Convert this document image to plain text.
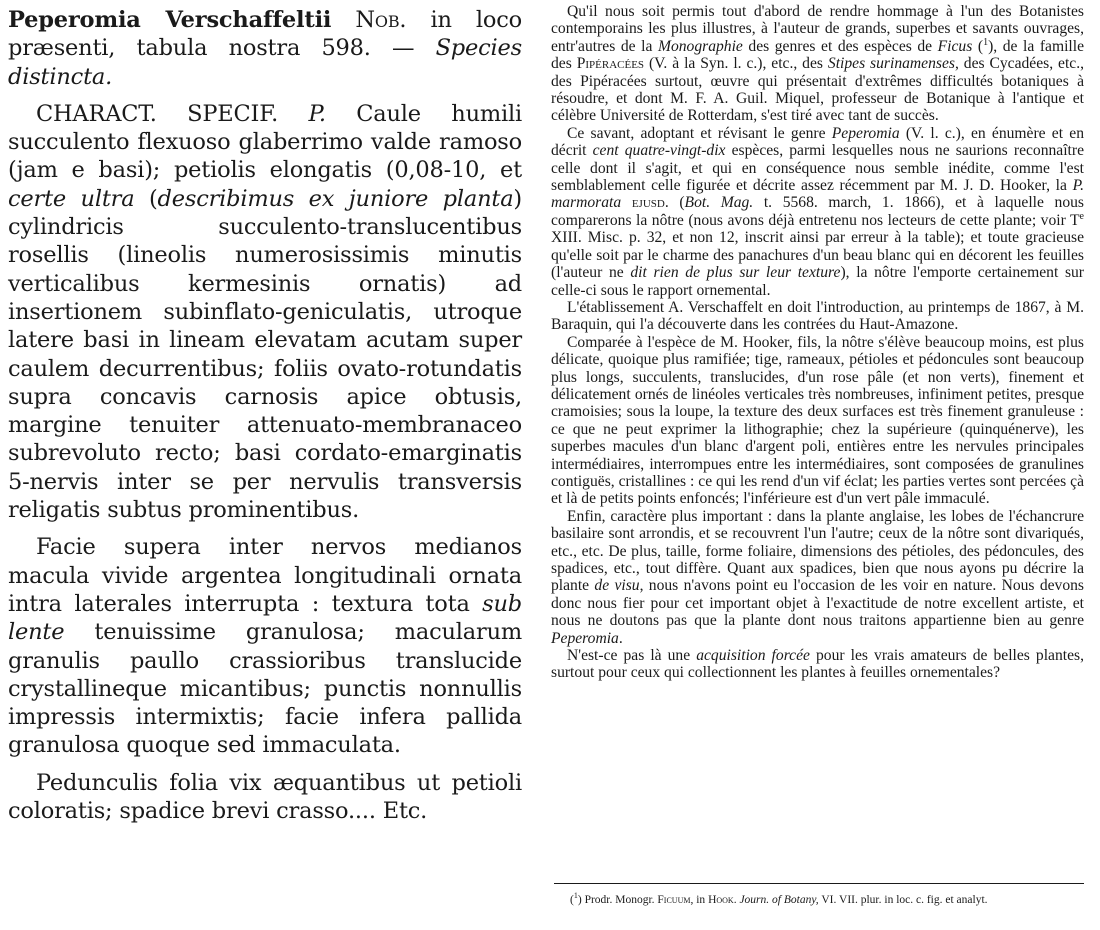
Peperomia Verschaffeltii Nob. in loco præsenti, tabula nostra 598. — Species distincta.

CHARACT. SPECIF. P. Caule humili succulento flexuoso glaberrimo valde ramoso (jam e basi); petiolis elongatis (0,08-10, et certe ultra (describimus ex juniore planta) cylindricis succulento-translucentibus rosellis (lineolis numerosissimis minutis verticalibus kermesinis ornatis) ad insertionem subinflato-geniculatis, utroque latere basi in lineam elevatam acutam super caulem decurrentibus; foliis ovato-rotundatis supra concavis carnosis apice obtusis, margine tenuiter attenuato-membranaceo subrevoluto recto; basi cordato-emarginatis 5-nervis inter se per nervulis transversis religatis subtus prominentibus.

Facie supera inter nervos medianos macula vivide argentea longitudinali ornata intra laterales interrupta : textura tota sub lente tenuissime granulosa; macularum granulis paullo crassioribus translucide crystallineque micantibus; punctis nonnullis impressis intermixtis; facie infera pallida granulosa quoque sed immaculata.

Pedunculis folia vix æquantibus ut petioli coloratis; spadice brevi crasso.... Etc.

Qu'il nous soit permis tout d'abord de rendre hommage à l'un des Botanistes contemporains les plus illustres, à l'auteur de grands, superbes et savants ouvrages, entr'autres de la Monographie des genres et des espèces de Ficus ($^1$), de la famille des Pipéracées (V. à la Syn. l. c.), etc., des Stipes surinamenses, des Cycadées, etc., des Pipéracées surtout, œuvre qui présentait d'extrêmes difficultés botaniques à résoudre, et dont M. F. A. Guil. Miquel, professeur de Botanique à l'antique et célèbre Université de Rotterdam, s'est tiré avec tant de succès.

Ce savant, adoptant et révisant le genre Peperomia (V. l. c.), en énumère et en décrit cent quatre-vingt-dix espèces, parmi lesquelles nous ne saurions reconnaître celle dont il s'agit, et qui en conséquence nous semble inédite, comme l'est semblablement celle figurée et décrite assez récemment par M. J. D. Hooker, la P. marmorata ejusd. (Bot. Mag. t. 5568. march, 1. 1866), et à laquelle nous comparerons la nôtre (nous avons déjà entretenu nos lecteurs de cette plante; voir $T^e$ XIII. Misc. p. 32, et non 12, inscrit ainsi par erreur à la table); et toute gracieuse qu'elle soit par le charme des panachures d'un beau blanc qui en décorent les feuilles (l'auteur ne dit rien de plus sur leur texture), la nôtre l'emporte certainement sur celle-ci sous le rapport ornemental.

L'établissement A. Verschaffelt en doit l'introduction, au printemps de 1867, à M. Baraquin, qui l'a découverte dans les contrées du Haut-Amazone.

Comparée à l'espèce de M. Hooker, fils, la nôtre s'élève beaucoup moins, est plus délicate, quoique plus ramifiée; tige, rameaux, pétioles et pédoncules sont beaucoup plus longs, succulents, translucides, d'un rose pâle (et non verts), finement et délicatement ornés de linéoles verticales très nombreuses, infiniment petites, presque cramoisies; sous la loupe, la texture des deux surfaces est très finement granuleuse : ce que ne peut exprimer la lithographie; chez la supérieure (quinquénerve), les superbes macules d'un blanc d'argent poli, entières entre les nervules principales intermédiaires, interrompues entre les intermédiaires, sont composées de granulines contiguës, cristallines : ce qui les rend d'un vif éclat; les parties vertes sont percées çà et là de petits points enfoncés; l'inférieure est d'un vert pâle immaculé.

Enfin, caractère plus important : dans la plante anglaise, les lobes de l'échancrure basilaire sont arrondis, et se recouvrent l'un l'autre; ceux de la nôtre sont divariqués, etc., etc. De plus, taille, forme foliaire, dimensions des pétioles, des pédoncules, des spadices, etc., tout diffère. Quant aux spadices, bien que nous ayons pu décrire la plante de visu, nous n'avons point eu l'occasion de les voir en nature. Nous devons donc nous fier pour cet important objet à l'exactitude de notre excellent artiste, et nous ne doutons pas que la plante dont nous traitons appartienne bien au genre Peperomia.

N'est-ce pas là une acquisition forcée pour les vrais amateurs de belles plantes, surtout pour ceux qui collectionnent les plantes à feuilles ornementales?

($^1$) Prodr. Monogr. Ficuum, in Hook. Journ. of Botany, VI. VII. plur. in loc. c. fig. et analyt.
